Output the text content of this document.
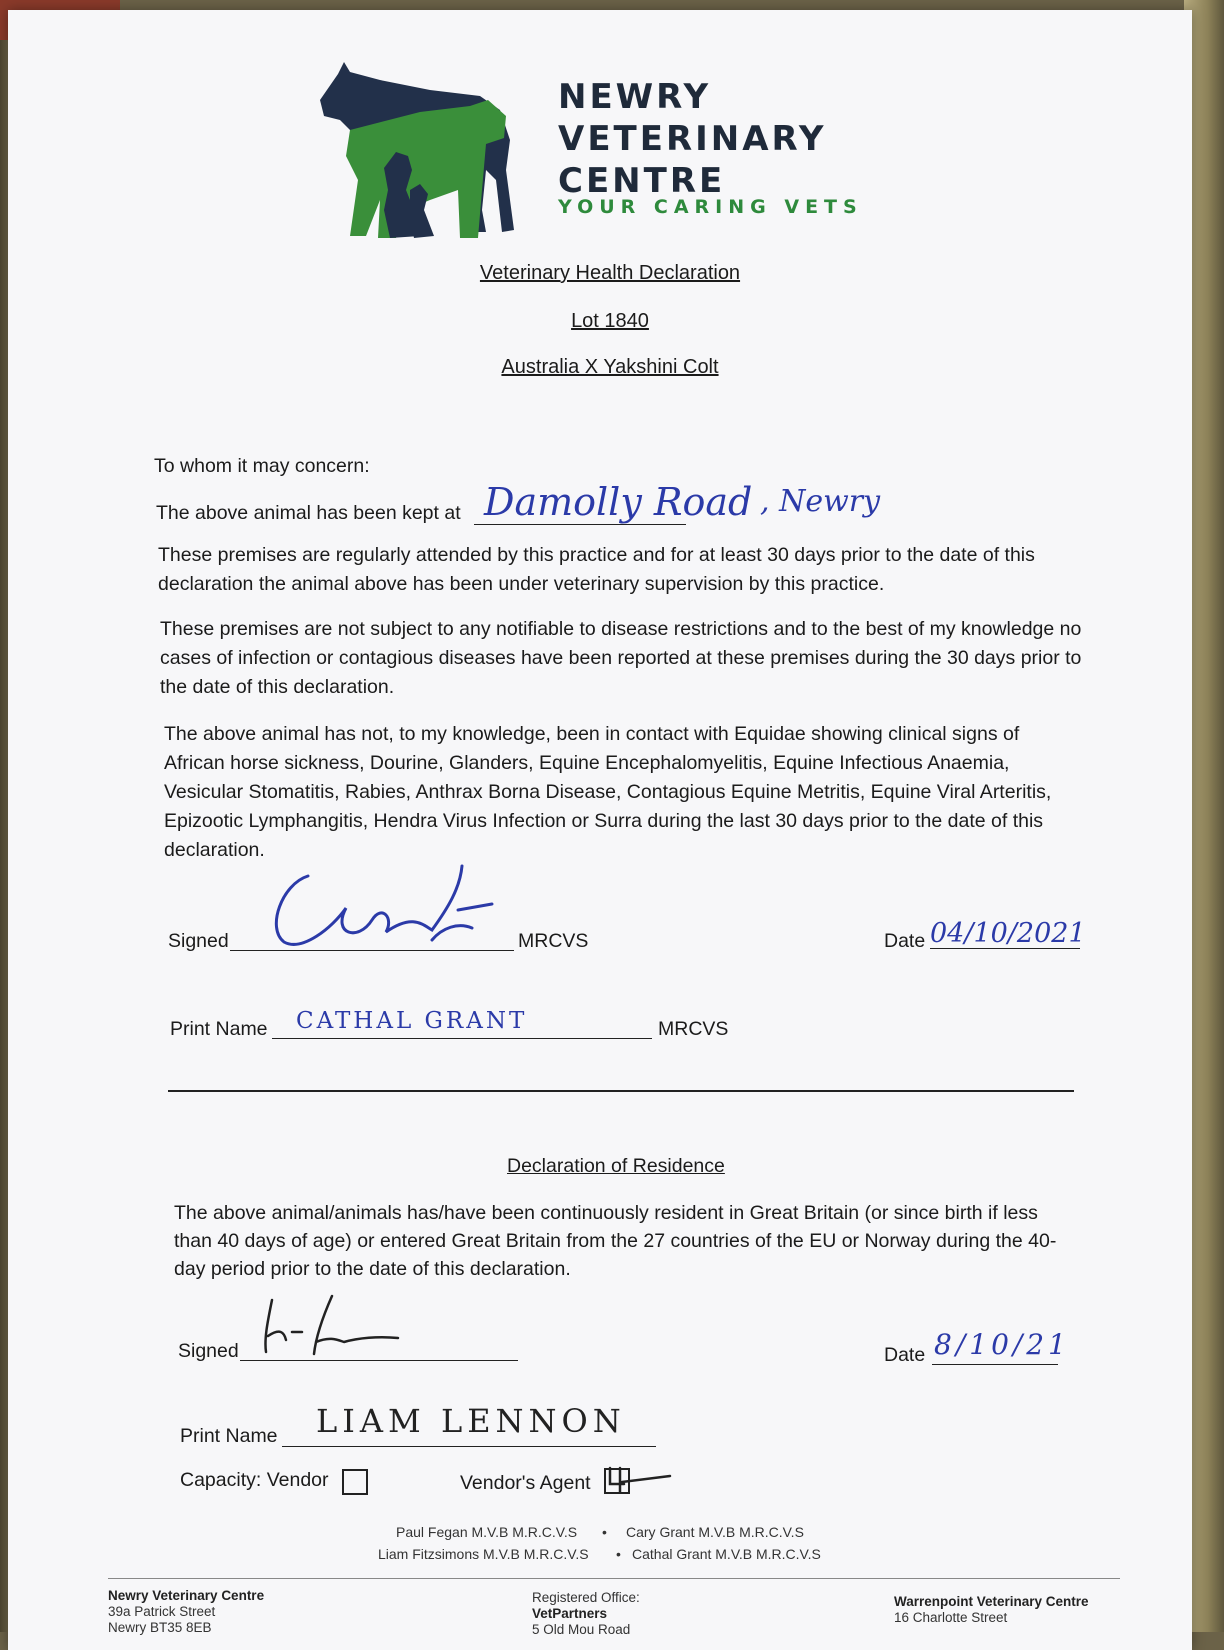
NEWRY
VETERINARY
CENTRE
YOUR CARING VETS
Veterinary Health Declaration
Lot 1840
Australia X Yakshini Colt
To whom it may concern:
The above animal has been kept at Damolly Road , Newry
These premises are regularly attended by this practice and for at least 30 days prior to the date of this declaration the animal above has been under veterinary supervision by this practice.
These premises are not subject to any notifiable to disease restrictions and to the best of my knowledge no cases of infection or contagious diseases have been reported at these premises during the 30 days prior to the date of this declaration.
The above animal has not, to my knowledge, been in contact with Equidae showing clinical signs of African horse sickness, Dourine, Glanders, Equine Encephalomyelitis, Equine Infectious Anaemia, Vesicular Stomatitis, Rabies, Anthrax Borna Disease, Contagious Equine Metritis, Equine Viral Arteritis, Epizootic Lymphangitis, Hendra Virus Infection or Surra during the last 30 days prior to the date of this declaration.
Signed	MRCVS	Date 04/10/2021
Print Name CATHAL GRANT	MRCVS
Declaration of Residence
The above animal/animals has/have been continuously resident in Great Britain (or since birth if less than 40 days of age) or entered Great Britain from the 27 countries of the EU or Norway during the 40-day period prior to the date of this declaration.
Signed	Date 8/10/21
Print Name LIAM LENNON
Capacity: Vendor	Vendor's Agent
Paul Fegan M.V.B M.R.C.V.S • Cary Grant M.V.B M.R.C.V.S
Liam Fitzsimons M.V.B M.R.C.V.S • Cathal Grant M.V.B M.R.C.V.S
Newry Veterinary Centre
39a Patrick Street
Newry BT35 8EB
Registered Office:
VetPartners
5 Old Mou Road
Warrenpoint Veterinary Centre
16 Charlotte Street
